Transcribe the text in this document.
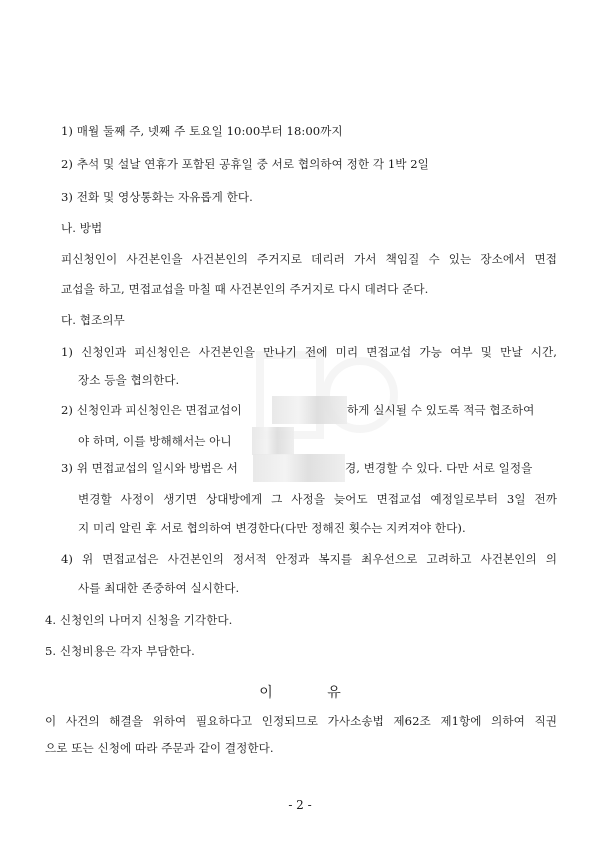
1) 매월 둘째 주, 넷째 주 토요일 10:00부터 18:00까지

2) 추석 및 설날 연휴가 포함된 공휴일 중 서로 협의하여 정한 각 1박 2일

3) 전화 및 영상통화는 자유롭게 한다.

나. 방법

피신청인이 사건본인을 사건본인의 주거지로 데리러 가서 책임질 수 있는 장소에서 면접

교섭을 하고, 면접교섭을 마칠 때 사건본인의 주거지로 다시 데려다 준다.

다. 협조의무

1) 신청인과 피신청인은 사건본인을 만나기 전에 미리 면접교섭 가능 여부 및 만날 시간,

장소 등을 협의한다.

2) 신청인과 피신청인은 면접교섭이	하게 실시될 수 있도록 적극 협조하여

야 하며, 이를 방해해서는 아니

3) 위 면접교섭의 일시와 방법은 서	경, 변경할 수 있다. 다만 서로 일정을

변경할 사정이 생기면 상대방에게 그 사정을 늦어도 면접교섭 예정일로부터 3일 전까

지 미리 알린 후 서로 협의하여 변경한다(다만 정해진 횟수는 지켜져야 한다).

4) 위 면접교섭은 사건본인의 정서적 안정과 복지를 최우선으로 고려하고 사건본인의 의

사를 최대한 존중하여 실시한다.

4. 신청인의 나머지 신청을 기각한다.

5. 신청비용은 각자 부담한다.

이	유

이 사건의 해결을 위하여 필요하다고 인정되므로 가사소송법 제62조 제1항에 의하여 직권

으로 또는 신청에 따라 주문과 같이 결정한다.

- 2 -
